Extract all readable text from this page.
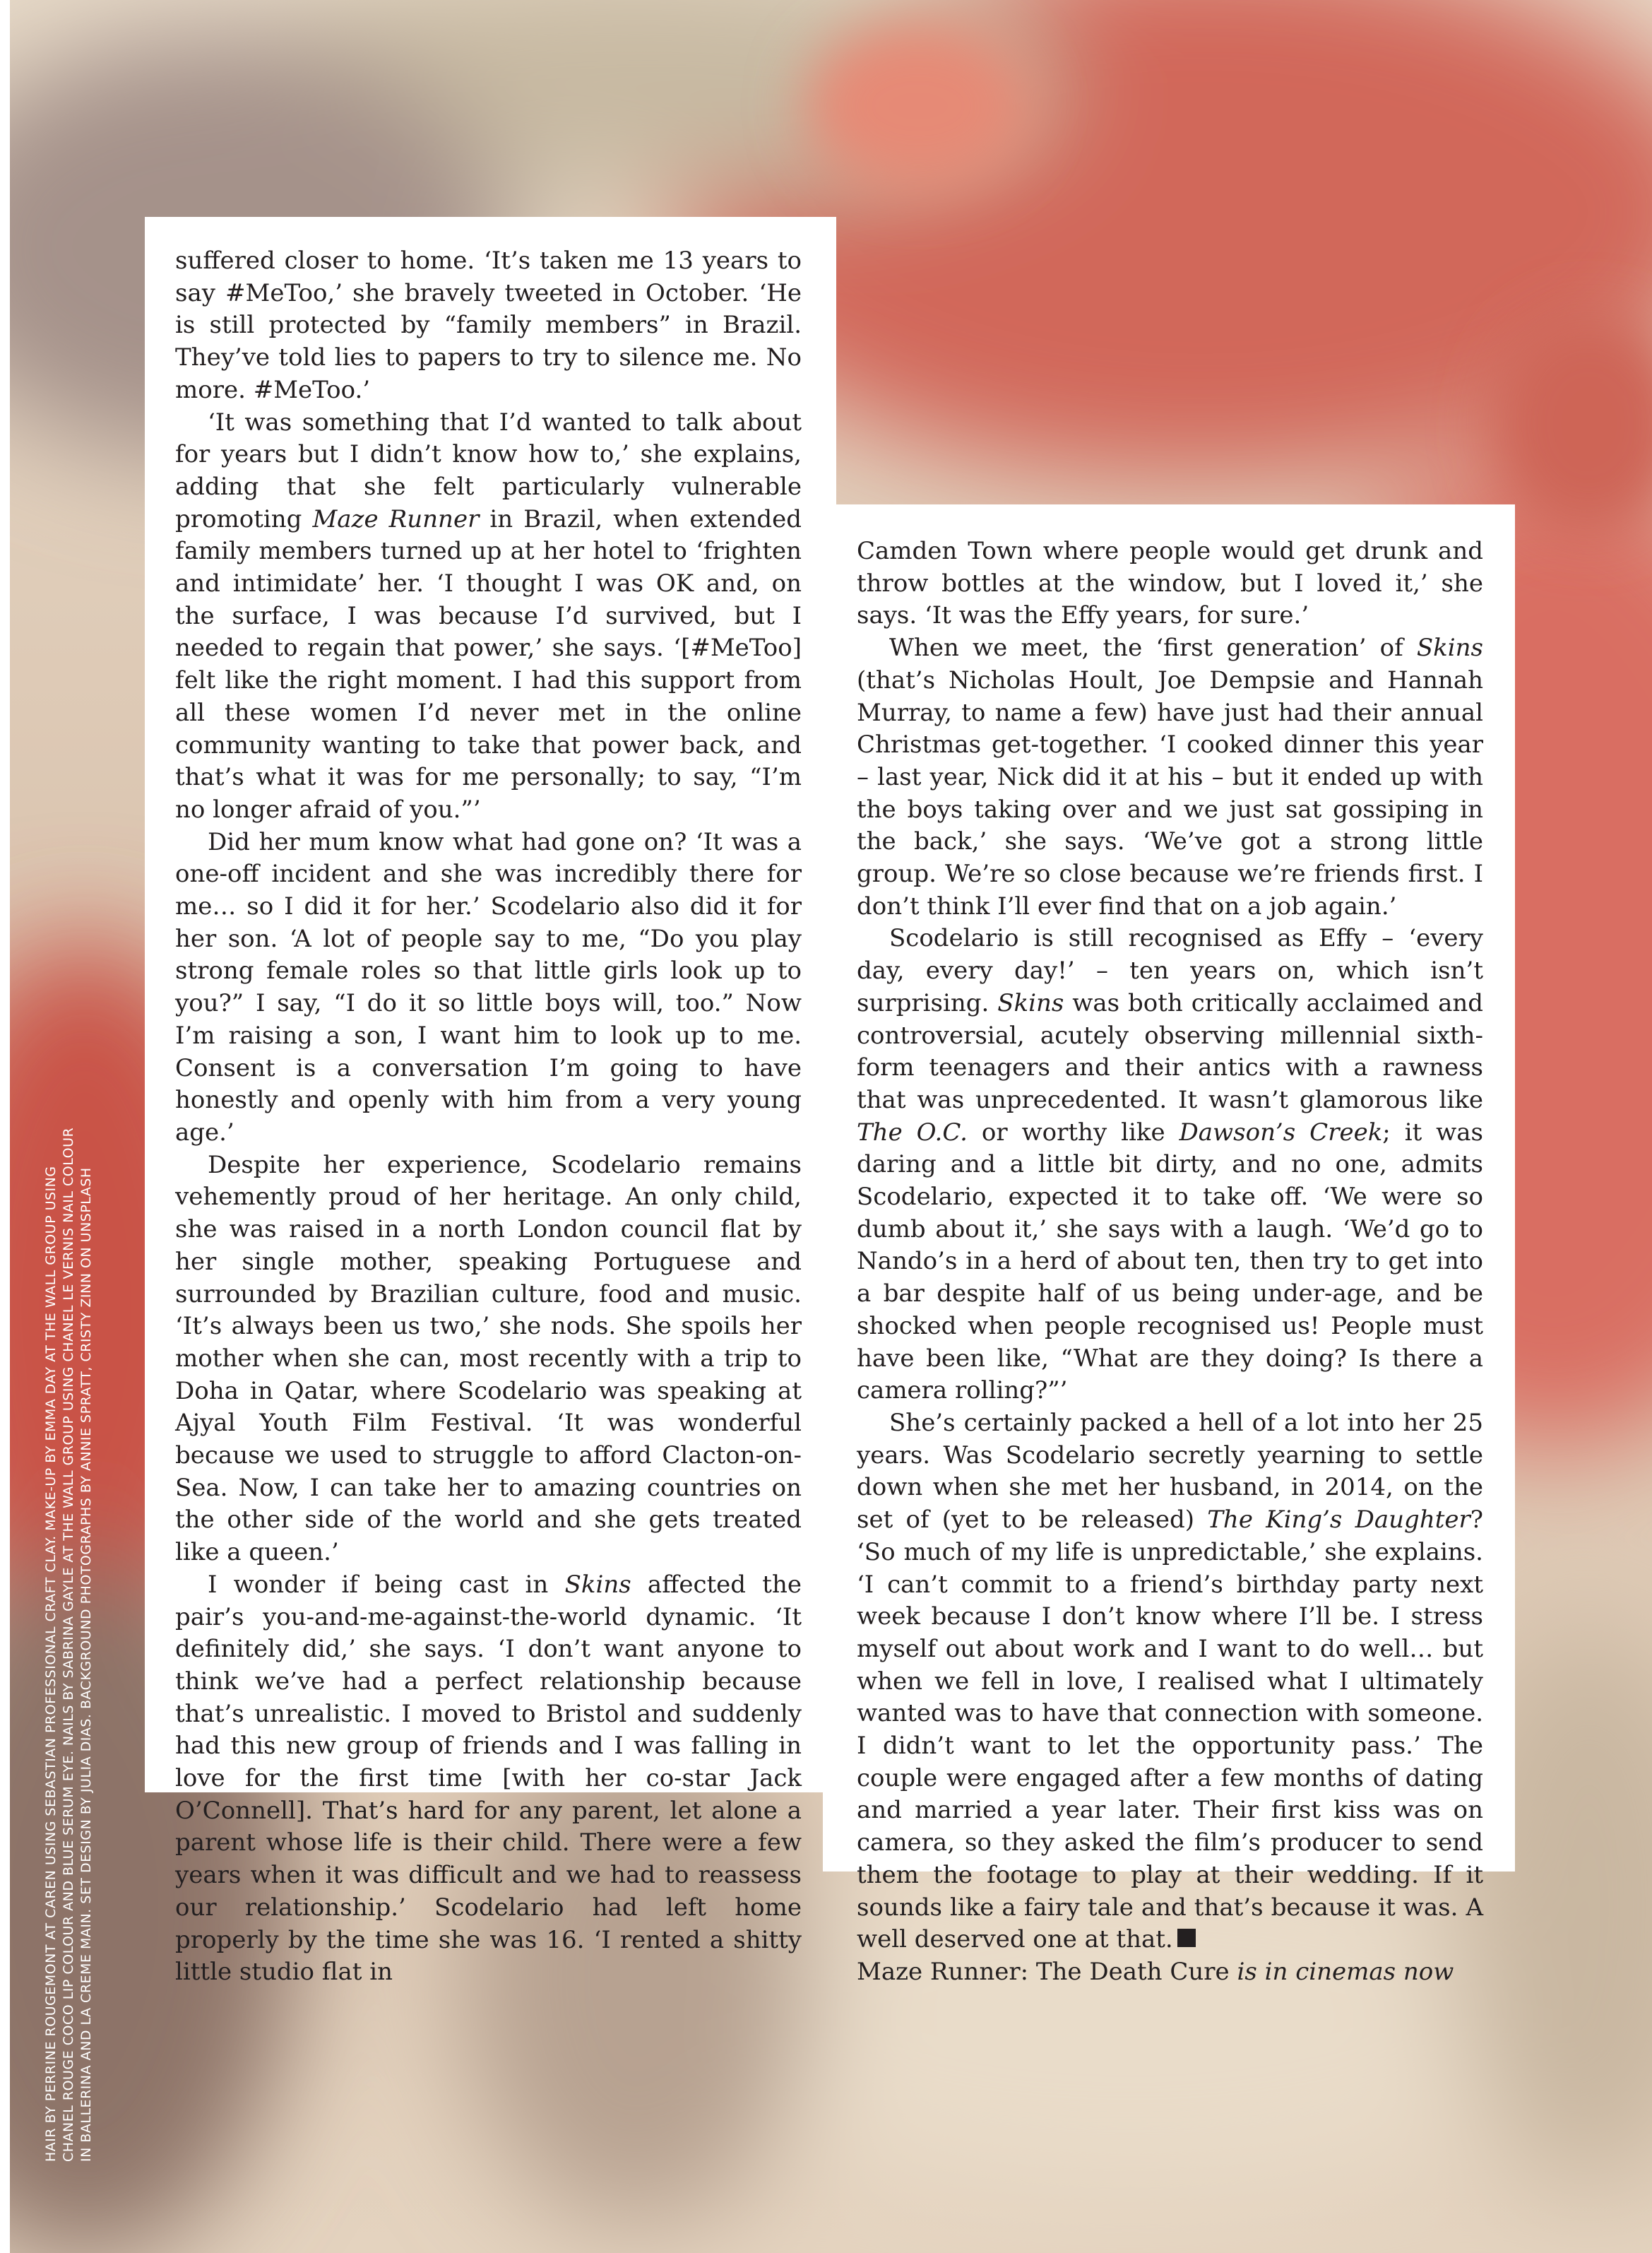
HAIR BY PERRINE ROUGEMONT AT CAREN USING SEBASTIAN PROFESSIONAL CRAFT CLAY. MAKE-UP BY EMMA DAY AT THE WALL GROUP USING CHANEL ROUGE COCO LIP COLOUR AND BLUE SERUM EYE. NAILS BY SABRINA GAYLE AT THE WALL GROUP USING CHANEL LE VERNIS NAIL COLOUR IN BALLERINA AND LA CREME MAIN. SET DESIGN BY JULIA DIAS. BACKGROUND PHOTOGRAPHS BY ANNIE SPRATT, CRISTY ZINN ON UNSPLASH

suffered closer to home. ‘It’s taken me 13 years to say #MeToo,’ she bravely tweeted in October. ‘He is still protected by “family members” in Brazil. They’ve told lies to papers to try to silence me. No more. #MeToo.’

‘It was something that I’d wanted to talk about for years but I didn’t know how to,’ she explains, adding that she felt particularly vulnerable promoting Maze Runner in Brazil, when extended family members turned up at her hotel to ‘frighten and intimidate’ her. ‘I thought I was OK and, on the surface, I was because I’d survived, but I needed to regain that power,’ she says. ‘[#MeToo] felt like the right moment. I had this support from all these women I’d never met in the online community wanting to take that power back, and that’s what it was for me personally; to say, “I’m no longer afraid of you.”’

Did her mum know what had gone on? ‘It was a one-off incident and she was incredibly there for me… so I did it for her.’ Scodelario also did it for her son. ‘A lot of people say to me, “Do you play strong female roles so that little girls look up to you?” I say, “I do it so little boys will, too.” Now I’m raising a son, I want him to look up to me. Consent is a conversation I’m going to have honestly and openly with him from a very young age.’

Despite her experience, Scodelario remains vehemently proud of her heritage. An only child, she was raised in a north London council flat by her single mother, speaking Portuguese and surrounded by Brazilian culture, food and music. ‘It’s always been us two,’ she nods. She spoils her mother when she can, most recently with a trip to Doha in Qatar, where Scodelario was speaking at Ajyal Youth Film Festival. ‘It was wonderful because we used to struggle to afford Clacton-on-Sea. Now, I can take her to amazing countries on the other side of the world and she gets treated like a queen.’

I wonder if being cast in Skins affected the pair’s you-and-me-against-the-world dynamic. ‘It definitely did,’ she says. ‘I don’t want anyone to think we’ve had a perfect relationship because that’s unrealistic. I moved to Bristol and suddenly had this new group of friends and I was falling in love for the first time [with her co-star Jack O’Connell]. That’s hard for any parent, let alone a parent whose life is their child. There were a few years when it was difficult and we had to reassess our relationship.’ Scodelario had left home properly by the time she was 16. ‘I rented a shitty little studio flat in

Camden Town where people would get drunk and throw bottles at the window, but I loved it,’ she says. ‘It was the Effy years, for sure.’

When we meet, the ‘first generation’ of Skins (that’s Nicholas Hoult, Joe Dempsie and Hannah Murray, to name a few) have just had their annual Christmas get-together. ‘I cooked dinner this year – last year, Nick did it at his – but it ended up with the boys taking over and we just sat gossiping in the back,’ she says. ‘We’ve got a strong little group. We’re so close because we’re friends first. I don’t think I’ll ever find that on a job again.’

Scodelario is still recognised as Effy – ‘every day, every day!’ – ten years on, which isn’t surprising. Skins was both critically acclaimed and controversial, acutely observing millennial sixth-form teenagers and their antics with a rawness that was unprecedented. It wasn’t glamorous like The O.C. or worthy like Dawson’s Creek; it was daring and a little bit dirty, and no one, admits Scodelario, expected it to take off. ‘We were so dumb about it,’ she says with a laugh. ‘We’d go to Nando’s in a herd of about ten, then try to get into a bar despite half of us being under-age, and be shocked when people recognised us! People must have been like, “What are they doing? Is there a camera rolling?”’

She’s certainly packed a hell of a lot into her 25 years. Was Scodelario secretly yearning to settle down when she met her husband, in 2014, on the set of (yet to be released) The King’s Daughter? ‘So much of my life is unpredictable,’ she explains. ‘I can’t commit to a friend’s birthday party next week because I don’t know where I’ll be. I stress myself out about work and I want to do well… but when we fell in love, I realised what I ultimately wanted was to have that connection with someone. I didn’t want to let the opportunity pass.’ The couple were engaged after a few months of dating and married a year later. Their first kiss was on camera, so they asked the film’s producer to send them the footage to play at their wedding. If it sounds like a fairy tale and that’s because it was. A well deserved one at that.

Maze Runner: The Death Cure is in cinemas now
